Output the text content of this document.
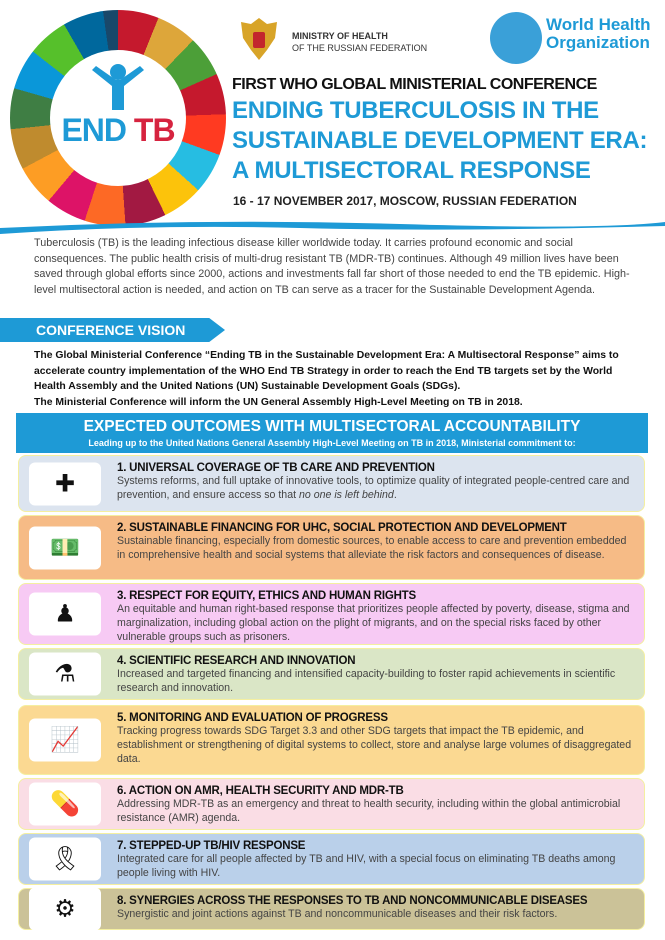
END TB
MINISTRY OF HEALTH
OF THE RUSSIAN FEDERATION
World Health
Organization
FIRST WHO GLOBAL MINISTERIAL CONFERENCE
ENDING TUBERCULOSIS IN THE
SUSTAINABLE DEVELOPMENT ERA:
A MULTISECTORAL RESPONSE
16 - 17 NOVEMBER 2017, MOSCOW, RUSSIAN FEDERATION
Tuberculosis (TB) is the leading infectious disease killer worldwide today. It carries profound economic and social consequences. The public health crisis of multi-drug resistant TB (MDR-TB) continues. Although 49 million lives have been saved through global efforts since 2000, actions and investments fall far short of those needed to end the TB epidemic. High-level multisectoral action is needed, and action on TB can serve as a tracer for the Sustainable Development Agenda.
CONFERENCE VISION
The Global Ministerial Conference “Ending TB in the Sustainable Development Era: A Multisectoral Response” aims to accelerate country implementation of the WHO End TB Strategy in order to reach the End TB targets set by the World Health Assembly and the United Nations (UN) Sustainable Development Goals (SDGs).
The Ministerial Conference will inform the UN General Assembly High-Level Meeting on TB in 2018.
EXPECTED OUTCOMES WITH MULTISECTORAL ACCOUNTABILITY
Leading up to the United Nations General Assembly High-Level Meeting on TB in 2018, Ministerial commitment to:
✚
1. UNIVERSAL COVERAGE OF TB CARE AND PREVENTION
Systems reforms, and full uptake of innovative tools, to optimize quality of integrated people-centred care and prevention, and ensure access so that no one is left behind.
💵
2. SUSTAINABLE FINANCING FOR UHC, SOCIAL PROTECTION AND DEVELOPMENT
Sustainable financing, especially from domestic sources, to enable access to care and prevention embedded in comprehensive health and social systems that alleviate the risk factors and consequences of disease.
♟
3. RESPECT FOR EQUITY, ETHICS AND HUMAN RIGHTS
An equitable and human right-based response that prioritizes people affected by poverty, disease, stigma and marginalization, including global action on the plight of migrants, and on the special risks faced by other vulnerable groups such as prisoners.
⚗	4. SCIENTIFIC RESEARCH AND INNOVATION
Increased and targeted financing and intensified capacity-building to foster rapid achievements in scientific research and innovation.
📈
5. MONITORING AND EVALUATION OF PROGRESS
Tracking progress towards SDG Target 3.3 and other SDG targets that impact the TB epidemic, and establishment or strengthening of digital systems to collect, store and analyse large volumes of disaggregated data.
💊	6. ACTION ON AMR, HEALTH SECURITY AND MDR-TB
Addressing MDR-TB as an emergency and threat to health security, including within the global antimicrobial resistance (AMR) agenda.
🎗	7. STEPPED-UP TB/HIV RESPONSE
Integrated care for all people affected by TB and HIV, with a special focus on eliminating TB deaths among people living with HIV.
⚙	8. SYNERGIES ACROSS THE RESPONSES TO TB AND NONCOMMUNICABLE DISEASES
Synergistic and joint actions against TB and noncommunicable diseases and their risk factors.
